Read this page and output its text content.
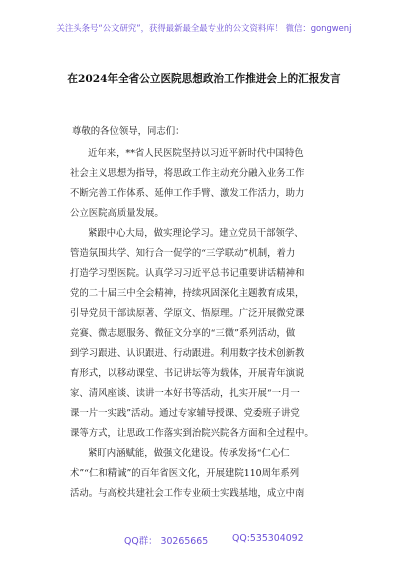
关注头条号“公文研究”，获得最新最全最专业的公文资料库！ 微信：gongwenj
在2024年全省公立医院思想政治工作推进会上的汇报发言
尊敬的各位领导，同志们：
近年来，**省人民医院坚持以习近平新时代中国特色
社会主义思想为指导，将思政工作主动充分融入业务工作
不断完善工作体系、延伸工作手臂、激发工作活力，助力
公立医院高质量发展。
紧跟中心大局，做实理论学习。建立党员干部领学、
管造氛围共学、知行合一促学的“三学联动”机制，着力
打造学习型医院。认真学习习近平总书记重要讲话精神和
党的二十届三中全会精神，持续巩固深化主题教育成果，
引导党员干部读原著、学原文、悟原理。广泛开展微党课
竞赛、微志愿服务、微征文分享的“三微”系列活动，做
到学习跟进、认识跟进、行动跟进。利用数字技术创新教
育形式，以移动课堂、书记讲坛等为载体，开展青年演说
家、清风座谈、读讲一本好书等活动，扎实开展“一月一
课一片一实践”活动。通过专家辅导授课、党委班子讲党
课等方式，让思政工作落实到治院兴院各方面和全过程中。
紧盯内涵赋能，做强文化建设。传承发扬“仁心仁
术”“仁和精诚”的百年省医文化，开展建院110周年系列
活动。与高校共建社会工作专业硕士实践基地，成立中南
QQ群： 30265665	QQ:535304092
